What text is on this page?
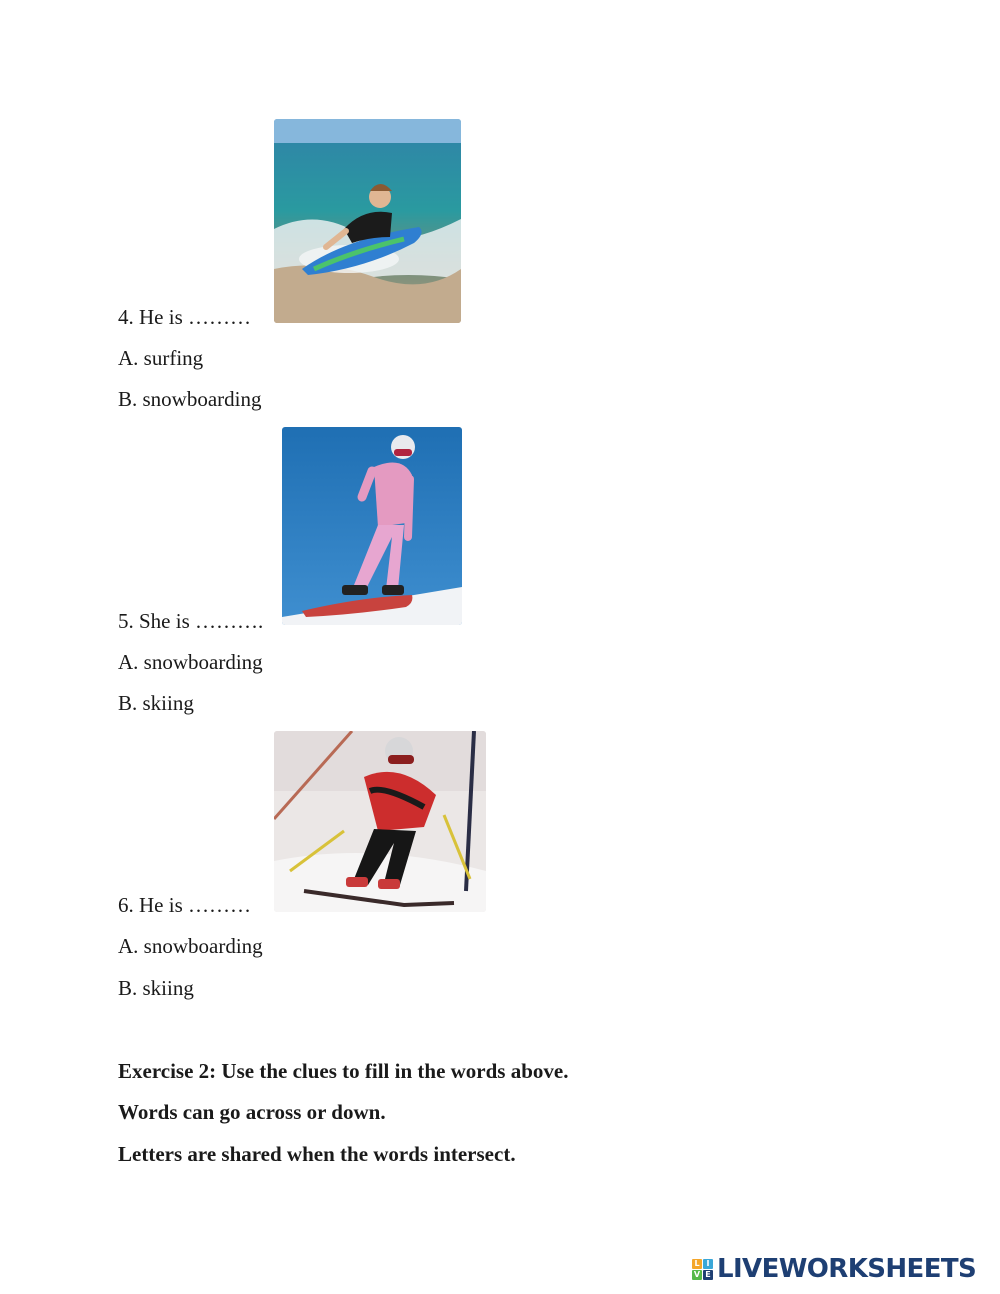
4. He is ………
A. surfing
B. snowboarding
5. She is ……….
A. snowboarding
B. skiing
6. He is ………
A. snowboarding
B. skiing
Exercise 2: Use the clues to fill in the words above.
Words can go across or down.
Letters are shared when the words intersect.
L I
V E LIVEWORKSHEETS
